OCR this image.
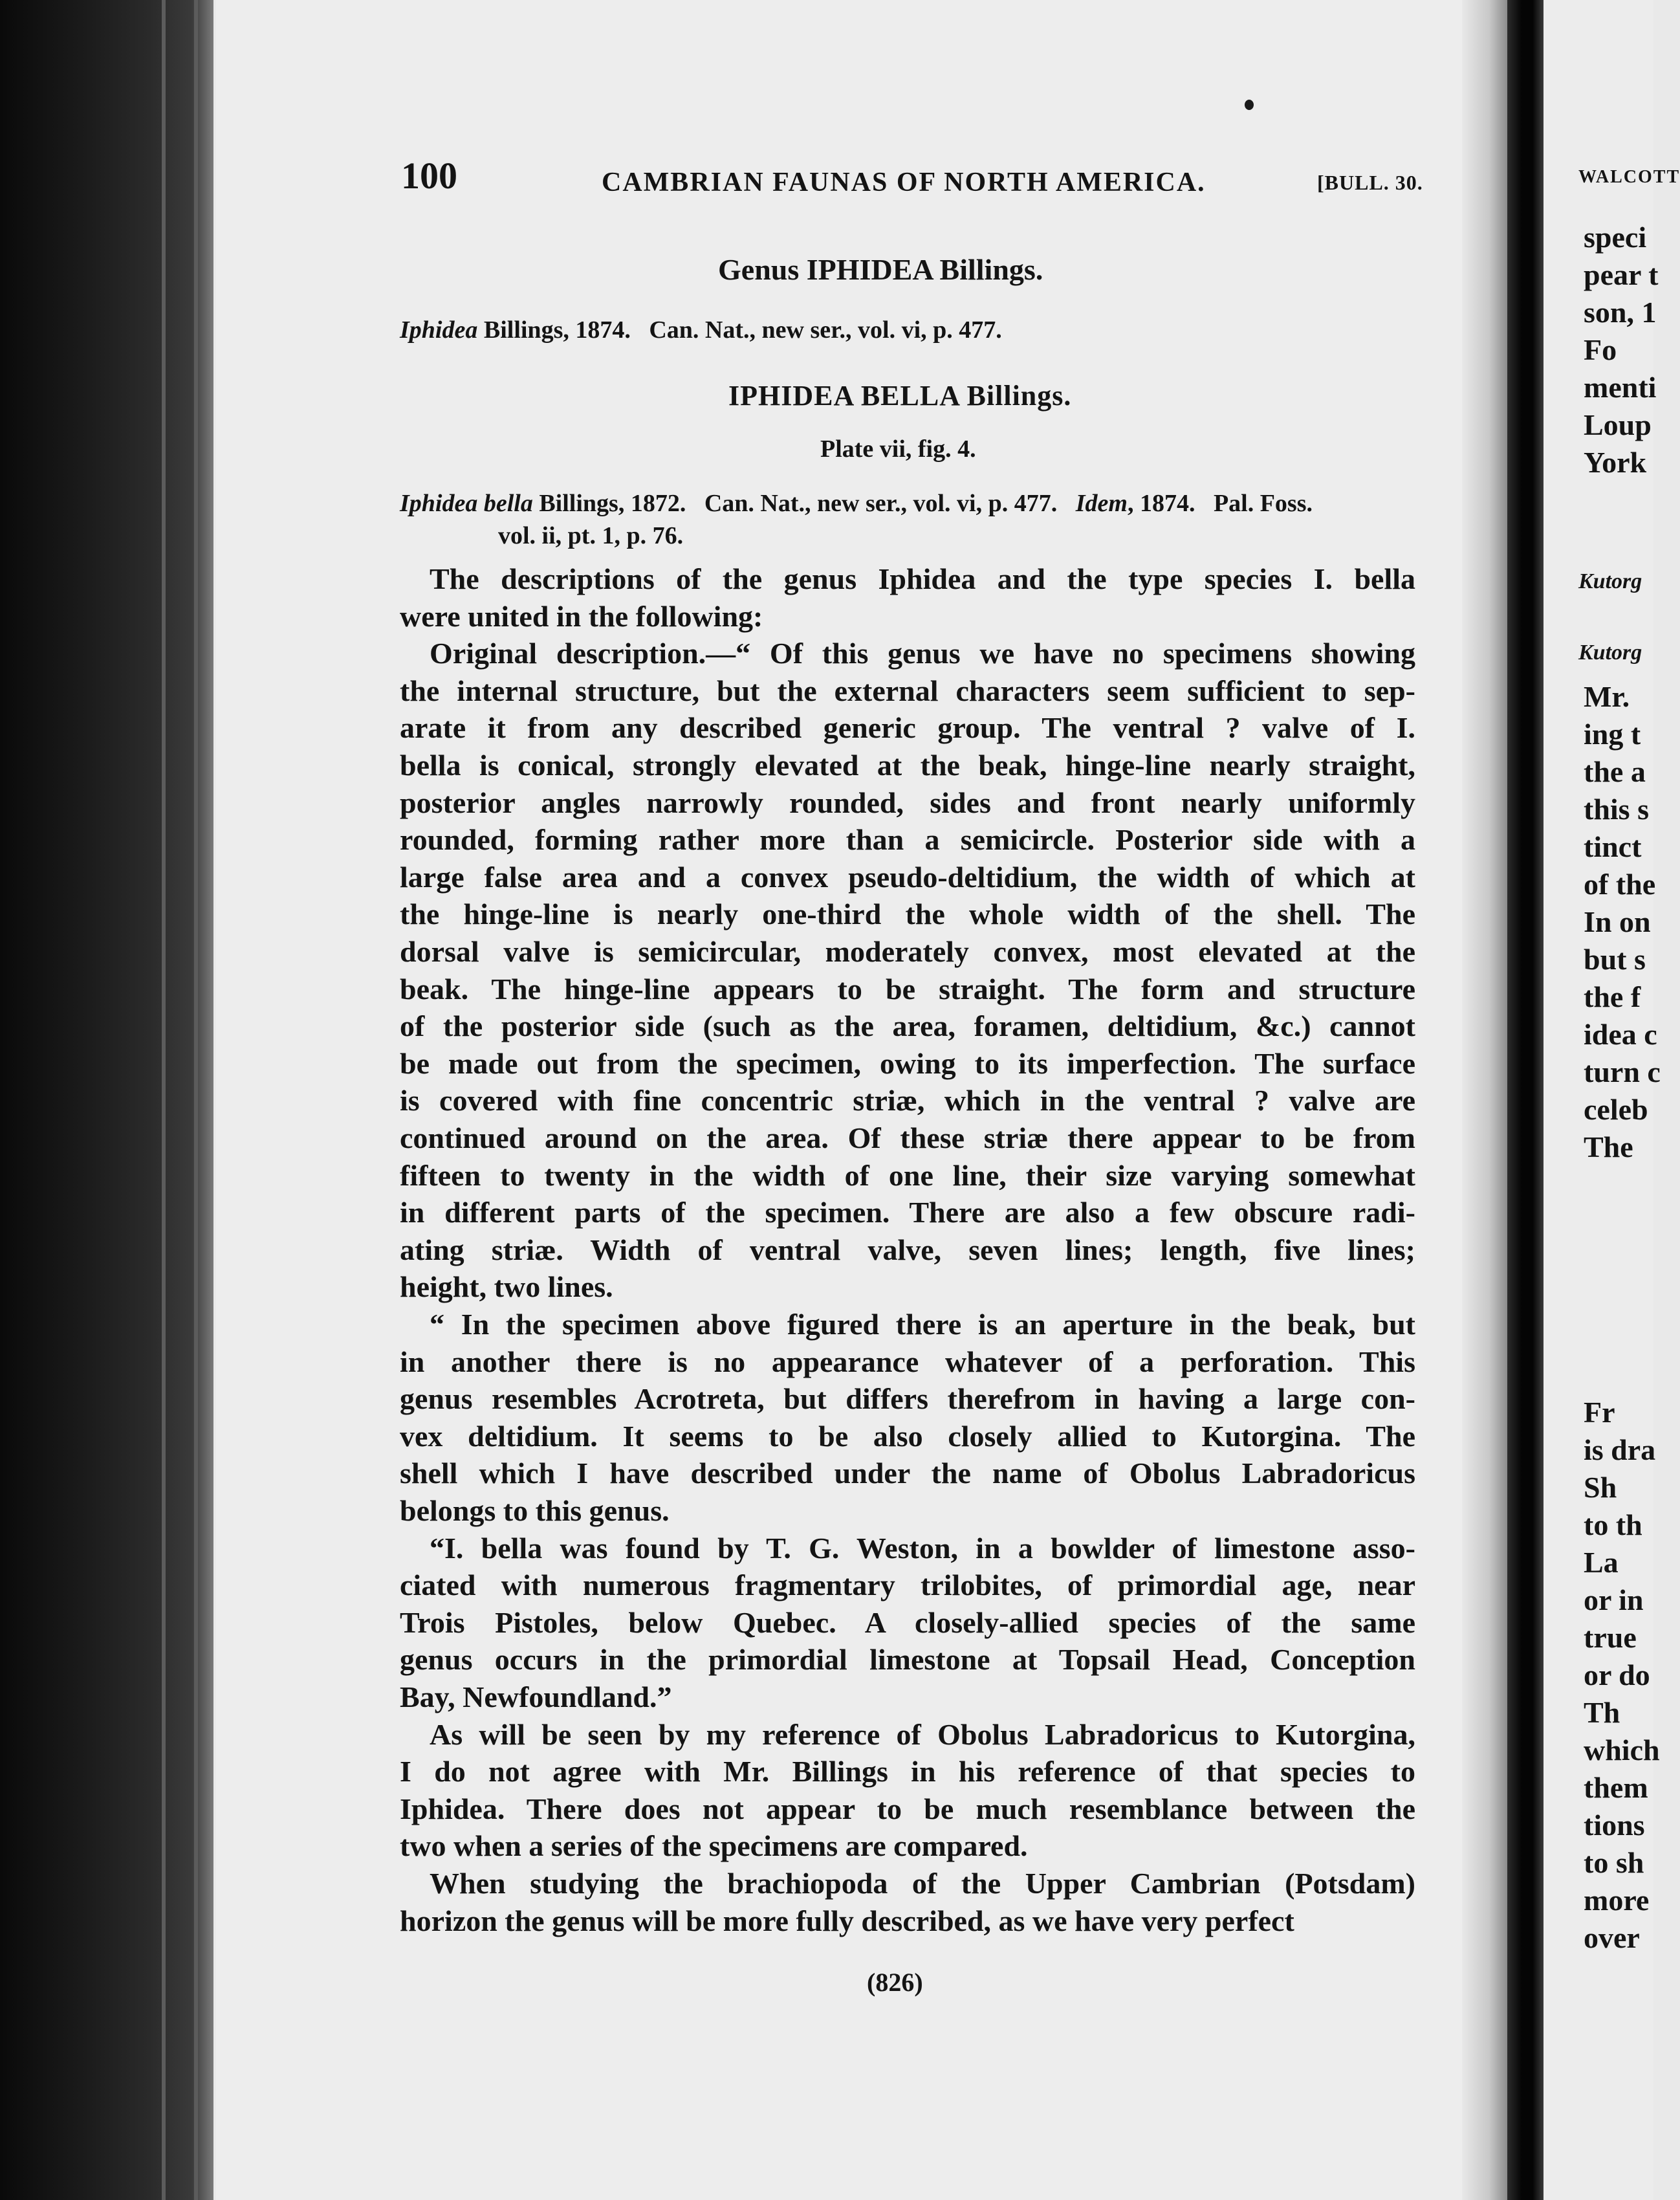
100	CAMBRIAN FAUNAS OF NORTH AMERICA.	[BULL. 30.
Genus IPHIDEA Billings.
Iphidea Billings, 1874.   Can. Nat., new ser., vol. vi, p. 477.
IPHIDEA BELLA Billings.
Plate vii, fig. 4.
Iphidea bella Billings, 1872.   Can. Nat., new ser., vol. vi, p. 477.   Idem, 1874.   Pal. Foss.
vol. ii, pt. 1, p. 76.
The descriptions of the genus Iphidea and the type species I. bella
were united in the following:
Original description.—“ Of this genus we have no specimens showing
the internal structure, but the external characters seem sufficient to sep-
arate it from any described generic group. The ventral ? valve of I.
bella is conical, strongly elevated at the beak, hinge-line nearly straight,
posterior angles narrowly rounded, sides and front nearly uniformly
rounded, forming rather more than a semicircle. Posterior side with a
large false area and a convex pseudo-deltidium, the width of which at
the hinge-line is nearly one-third the whole width of the shell. The
dorsal valve is semicircular, moderately convex, most elevated at the
beak. The hinge-line appears to be straight. The form and structure
of the posterior side (such as the area, foramen, deltidium, &c.) cannot
be made out from the specimen, owing to its imperfection. The surface
is covered with fine concentric striæ, which in the ventral ? valve are
continued around on the area. Of these striæ there appear to be from
fifteen to twenty in the width of one line, their size varying somewhat
in different parts of the specimen. There are also a few obscure radi-
ating striæ. Width of ventral valve, seven lines; length, five lines;
height, two lines.
“ In the specimen above figured there is an aperture in the beak, but
in another there is no appearance whatever of a perforation. This
genus resembles Acrotreta, but differs therefrom in having a large con-
vex deltidium. It seems to be also closely allied to Kutorgina. The
shell which I have described under the name of Obolus Labradoricus
belongs to this genus.
“I. bella was found by T. G. Weston, in a bowlder of limestone asso-
ciated with numerous fragmentary trilobites, of primordial age, near
Trois Pistoles, below Quebec. A closely-allied species of the same
genus occurs in the primordial limestone at Topsail Head, Conception
Bay, Newfoundland.”
As will be seen by my reference of Obolus Labradoricus to Kutorgina,
I do not agree with Mr. Billings in his reference of that species to
Iphidea. There does not appear to be much resemblance between the
two when a series of the specimens are compared.
When studying the brachiopoda of the Upper Cambrian (Potsdam)
horizon the genus will be more fully described, as we have very perfect
(826)
WALCOTT
speci
pear t
son, 1
Fo
menti
Loup
York
Kutorg
Kutorg
Mr.
ing t
the a
this s
tinct
of the
In on
but s
the f
idea c
turn c
celeb
The
Fr
is dra
Sh
to th
La
or in
true
or do
Th
which
them
tions
to sh
more
over
